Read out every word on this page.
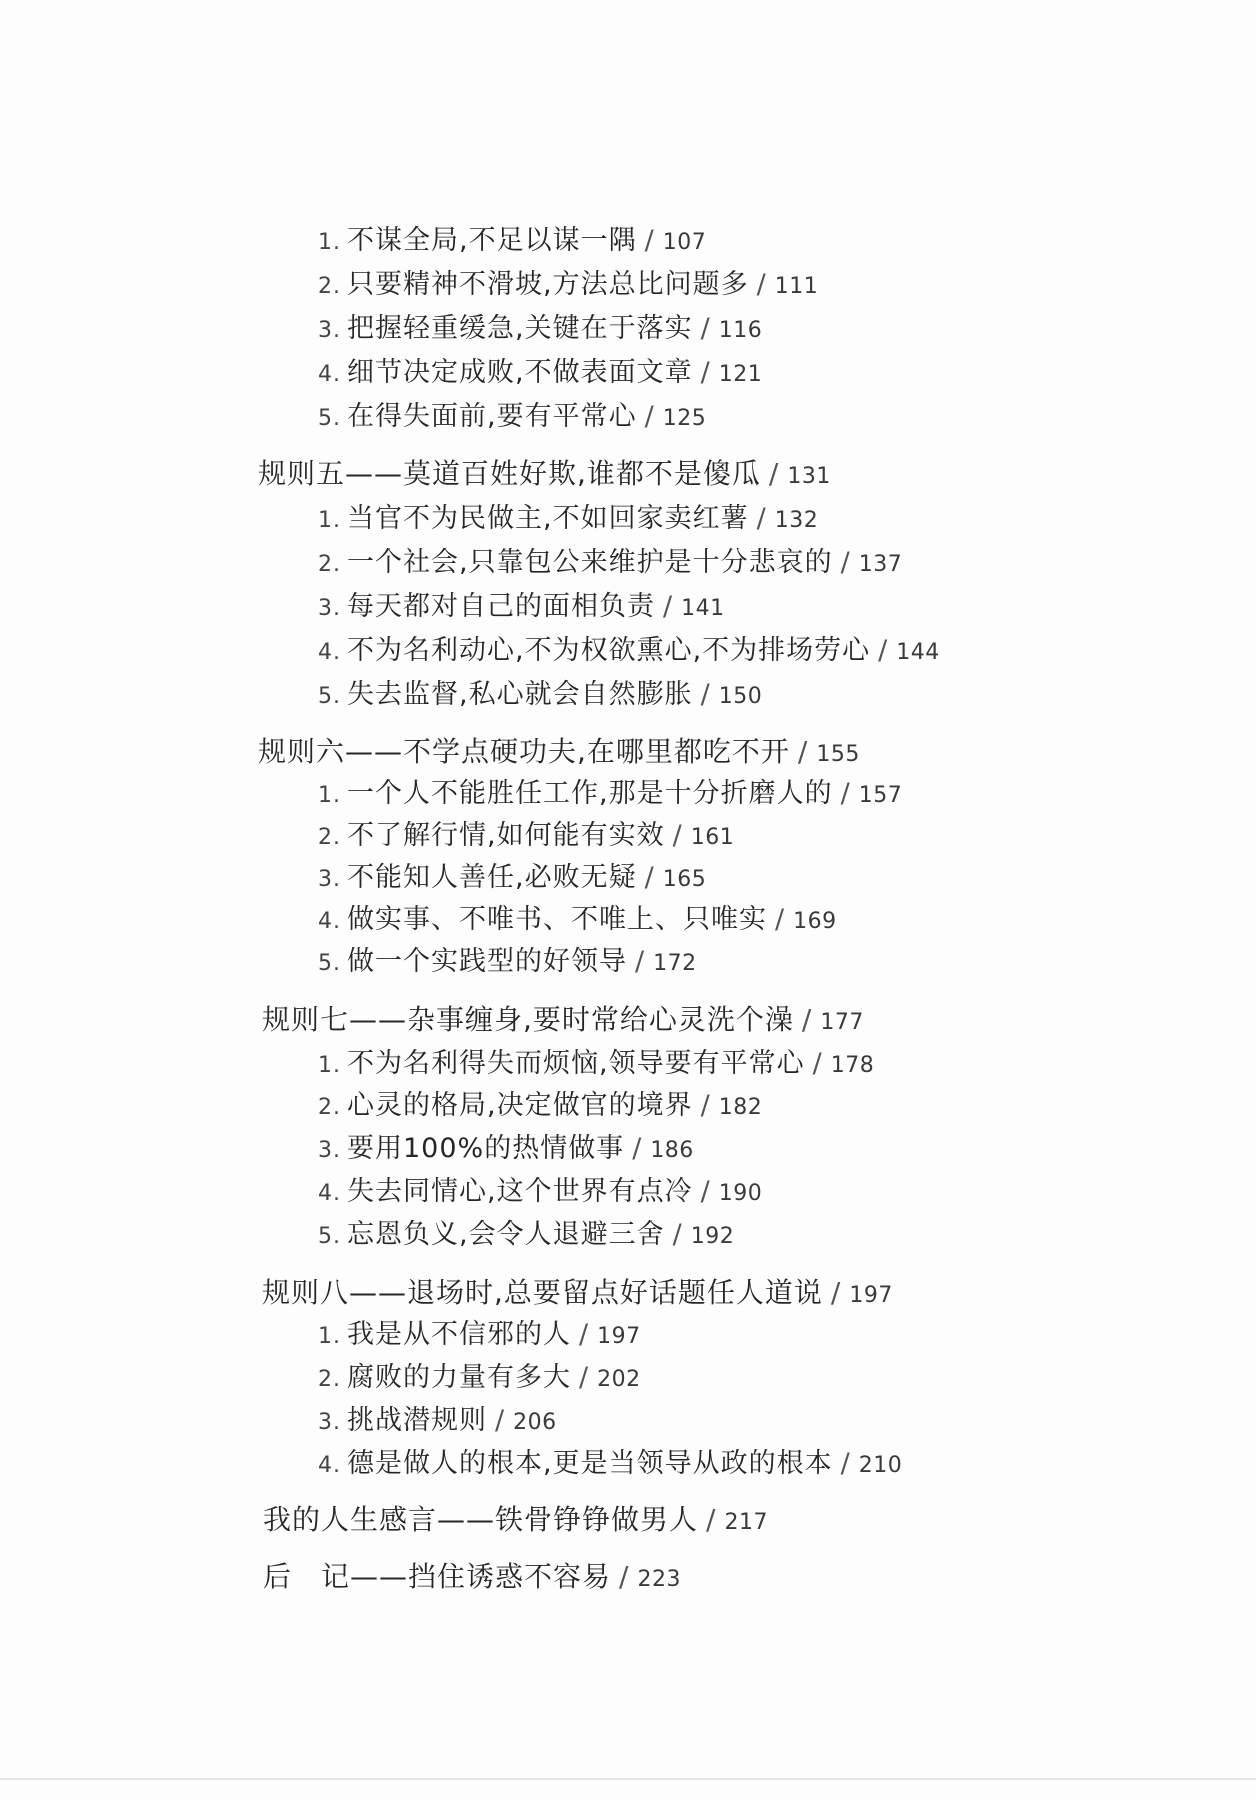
1. 不谋全局,不足以谋一隅 / 107
2. 只要精神不滑坡,方法总比问题多 / 111
3. 把握轻重缓急,关键在于落实 / 116
4. 细节决定成败,不做表面文章 / 121
5. 在得失面前,要有平常心 / 125
规则五——莫道百姓好欺,谁都不是傻瓜 / 131
1. 当官不为民做主,不如回家卖红薯 / 132
2. 一个社会,只靠包公来维护是十分悲哀的 / 137
3. 每天都对自己的面相负责 / 141
4. 不为名利动心,不为权欲熏心,不为排场劳心 / 144
5. 失去监督,私心就会自然膨胀 / 150
规则六——不学点硬功夫,在哪里都吃不开 / 155
1. 一个人不能胜任工作,那是十分折磨人的 / 157
2. 不了解行情,如何能有实效 / 161
3. 不能知人善任,必败无疑 / 165
4. 做实事、不唯书、不唯上、只唯实 / 169
5. 做一个实践型的好领导 / 172
规则七——杂事缠身,要时常给心灵洗个澡 / 177
1. 不为名利得失而烦恼,领导要有平常心 / 178
2. 心灵的格局,决定做官的境界 / 182
3. 要用100%的热情做事 / 186
4. 失去同情心,这个世界有点冷 / 190
5. 忘恩负义,会令人退避三舍 / 192
规则八——退场时,总要留点好话题任人道说 / 197
1. 我是从不信邪的人 / 197
2. 腐败的力量有多大 / 202
3. 挑战潜规则 / 206
4. 德是做人的根本,更是当领导从政的根本 / 210
我的人生感言——铁骨铮铮做男人 / 217
后　记——挡住诱惑不容易 / 223
